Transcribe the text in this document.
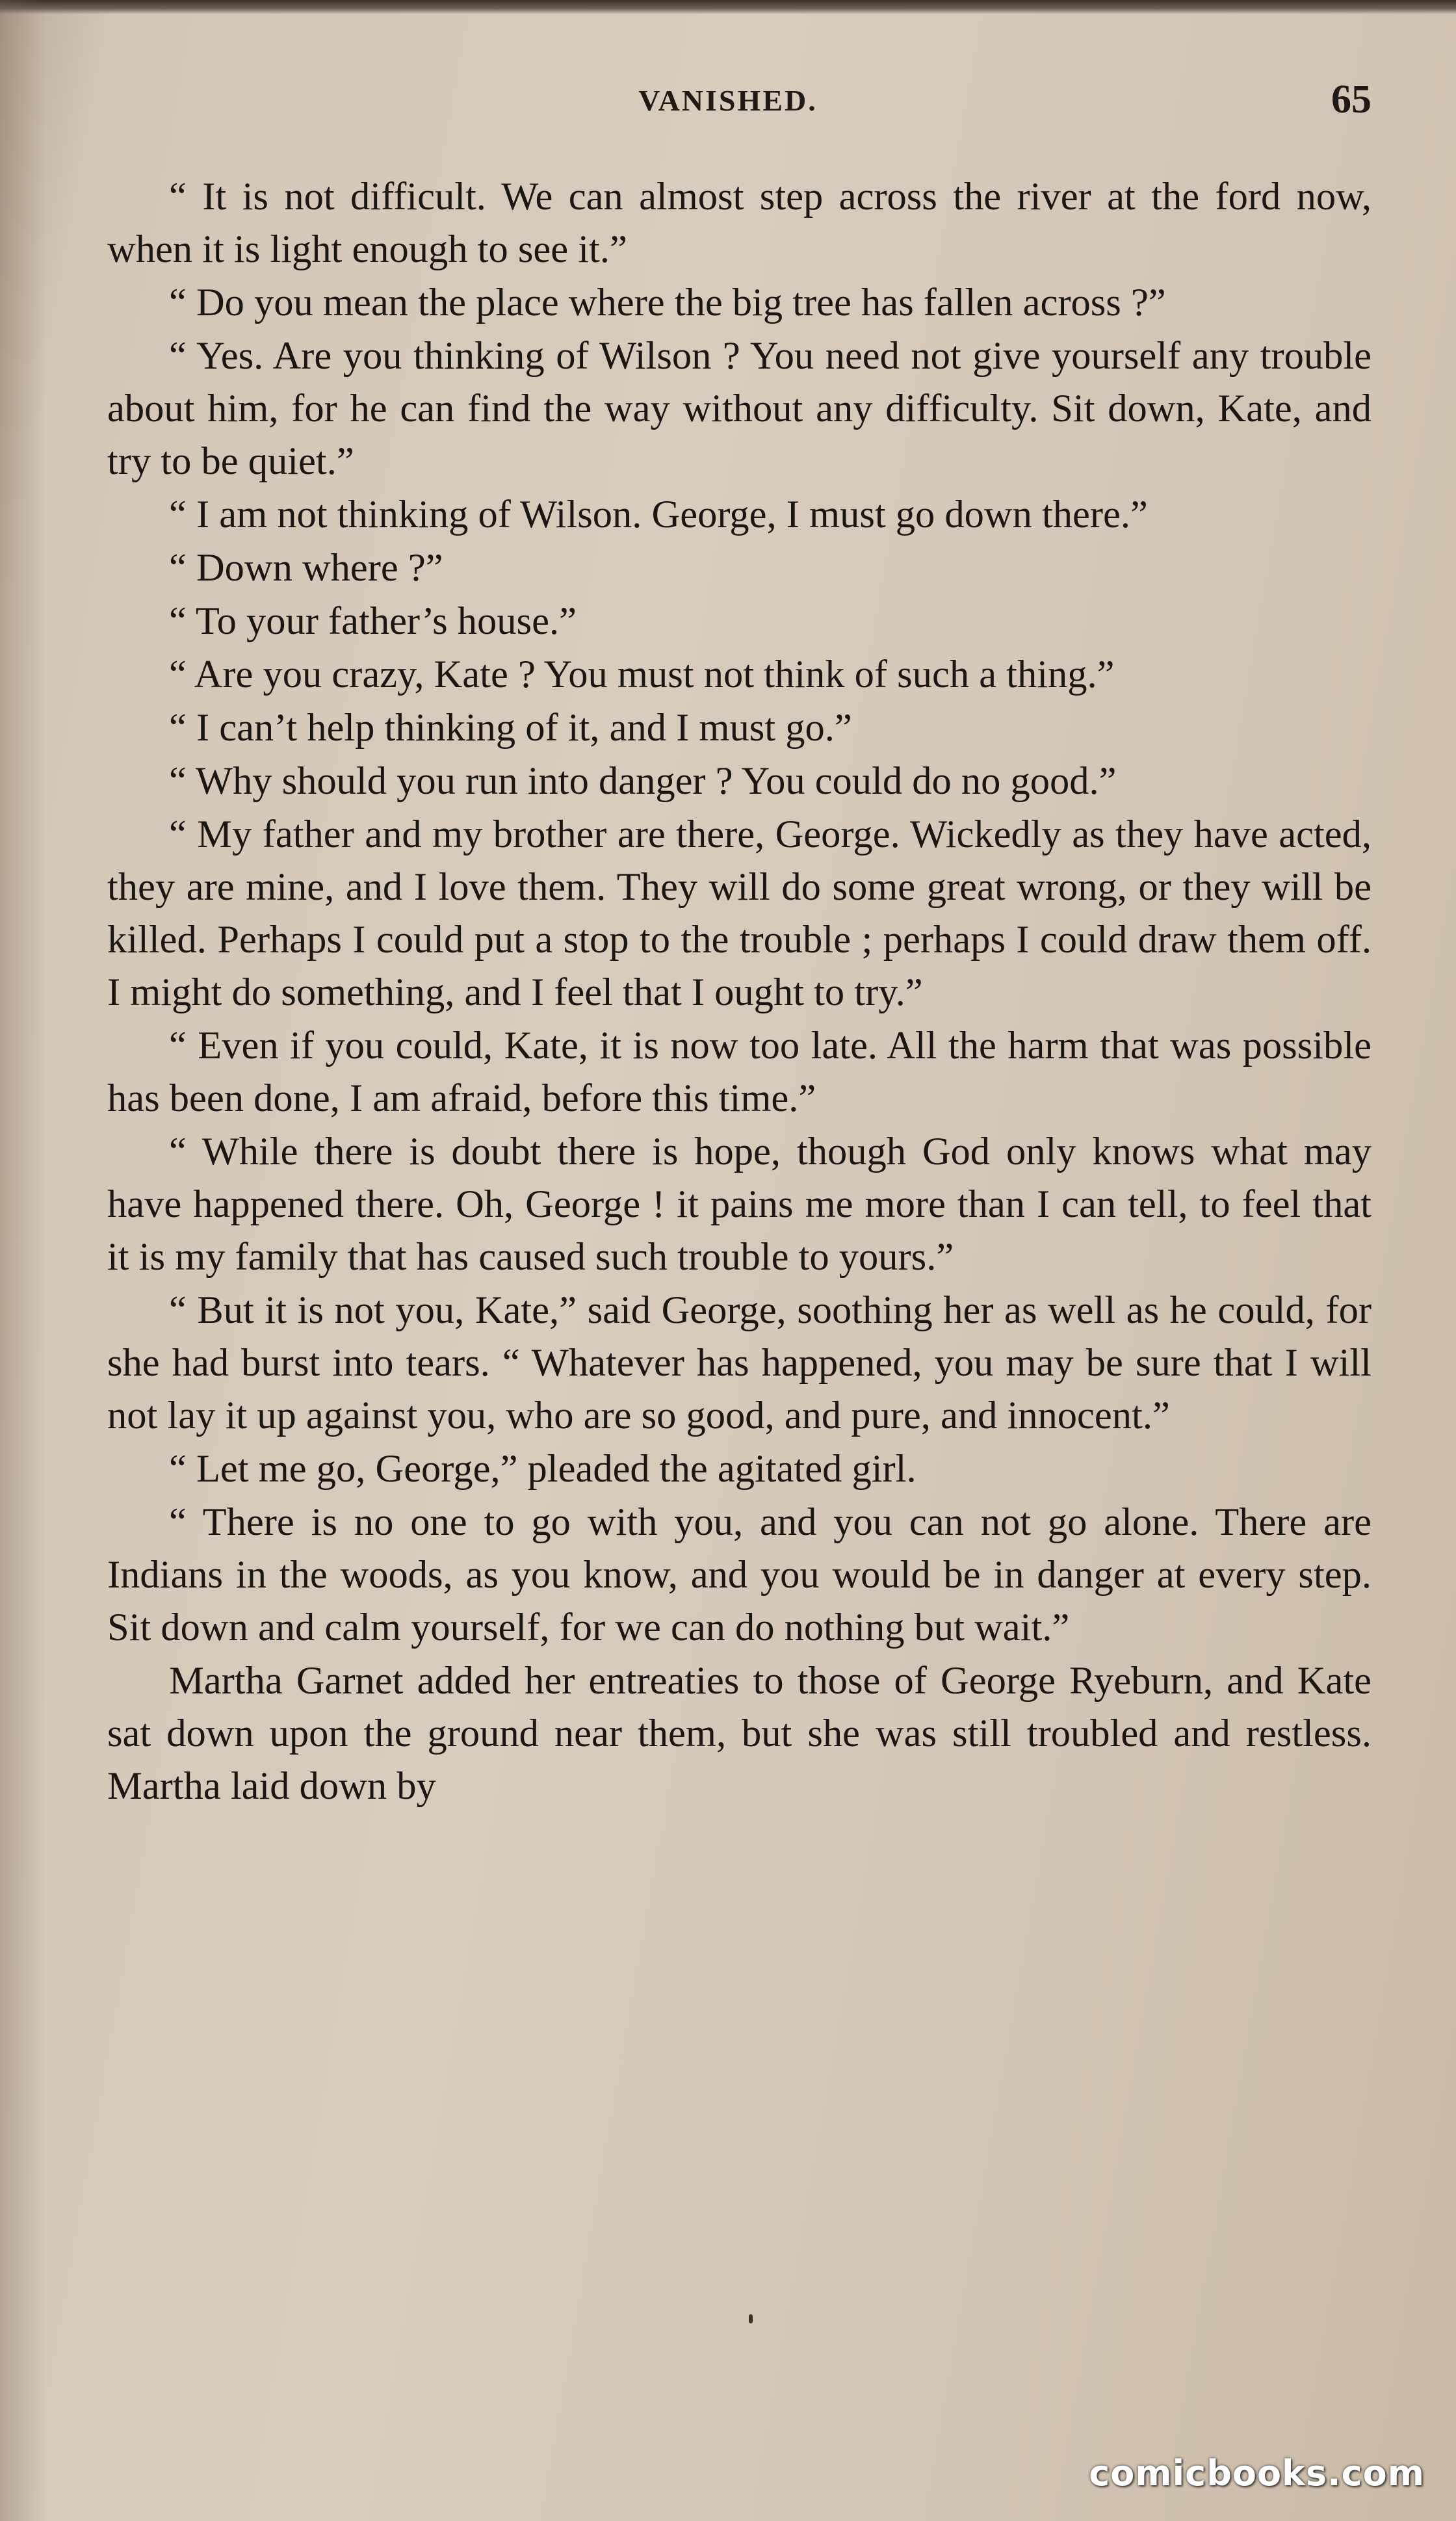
VANISHED.	65

“ It is not difficult. We can almost step across the river at the ford now, when it is light enough to see it.”

“ Do you mean the place where the big tree has fallen across ?”

“ Yes. Are you thinking of Wilson ? You need not give yourself any trouble about him, for he can find the way without any difficulty. Sit down, Kate, and try to be quiet.”

“ I am not thinking of Wilson. George, I must go down there.”

“ Down where ?”

“ To your father’s house.”

“ Are you crazy, Kate ? You must not think of such a thing.”

“ I can’t help thinking of it, and I must go.”

“ Why should you run into danger ? You could do no good.”

“ My father and my brother are there, George. Wickedly as they have acted, they are mine, and I love them. They will do some great wrong, or they will be killed. Perhaps I could put a stop to the trouble ; perhaps I could draw them off. I might do something, and I feel that I ought to try.”

“ Even if you could, Kate, it is now too late. All the harm that was possible has been done, I am afraid, before this time.”

“ While there is doubt there is hope, though God only knows what may have happened there. Oh, George ! it pains me more than I can tell, to feel that it is my family that has caused such trouble to yours.”

“ But it is not you, Kate,” said George, soothing her as well as he could, for she had burst into tears. “ Whatever has happened, you may be sure that I will not lay it up against you, who are so good, and pure, and innocent.”

“ Let me go, George,” pleaded the agitated girl.

“ There is no one to go with you, and you can not go alone. There are Indians in the woods, as you know, and you would be in danger at every step. Sit down and calm yourself, for we can do nothing but wait.”

Martha Garnet added her entreaties to those of George Ryeburn, and Kate sat down upon the ground near them, but she was still troubled and restless. Martha laid down by

comicbooks.com
